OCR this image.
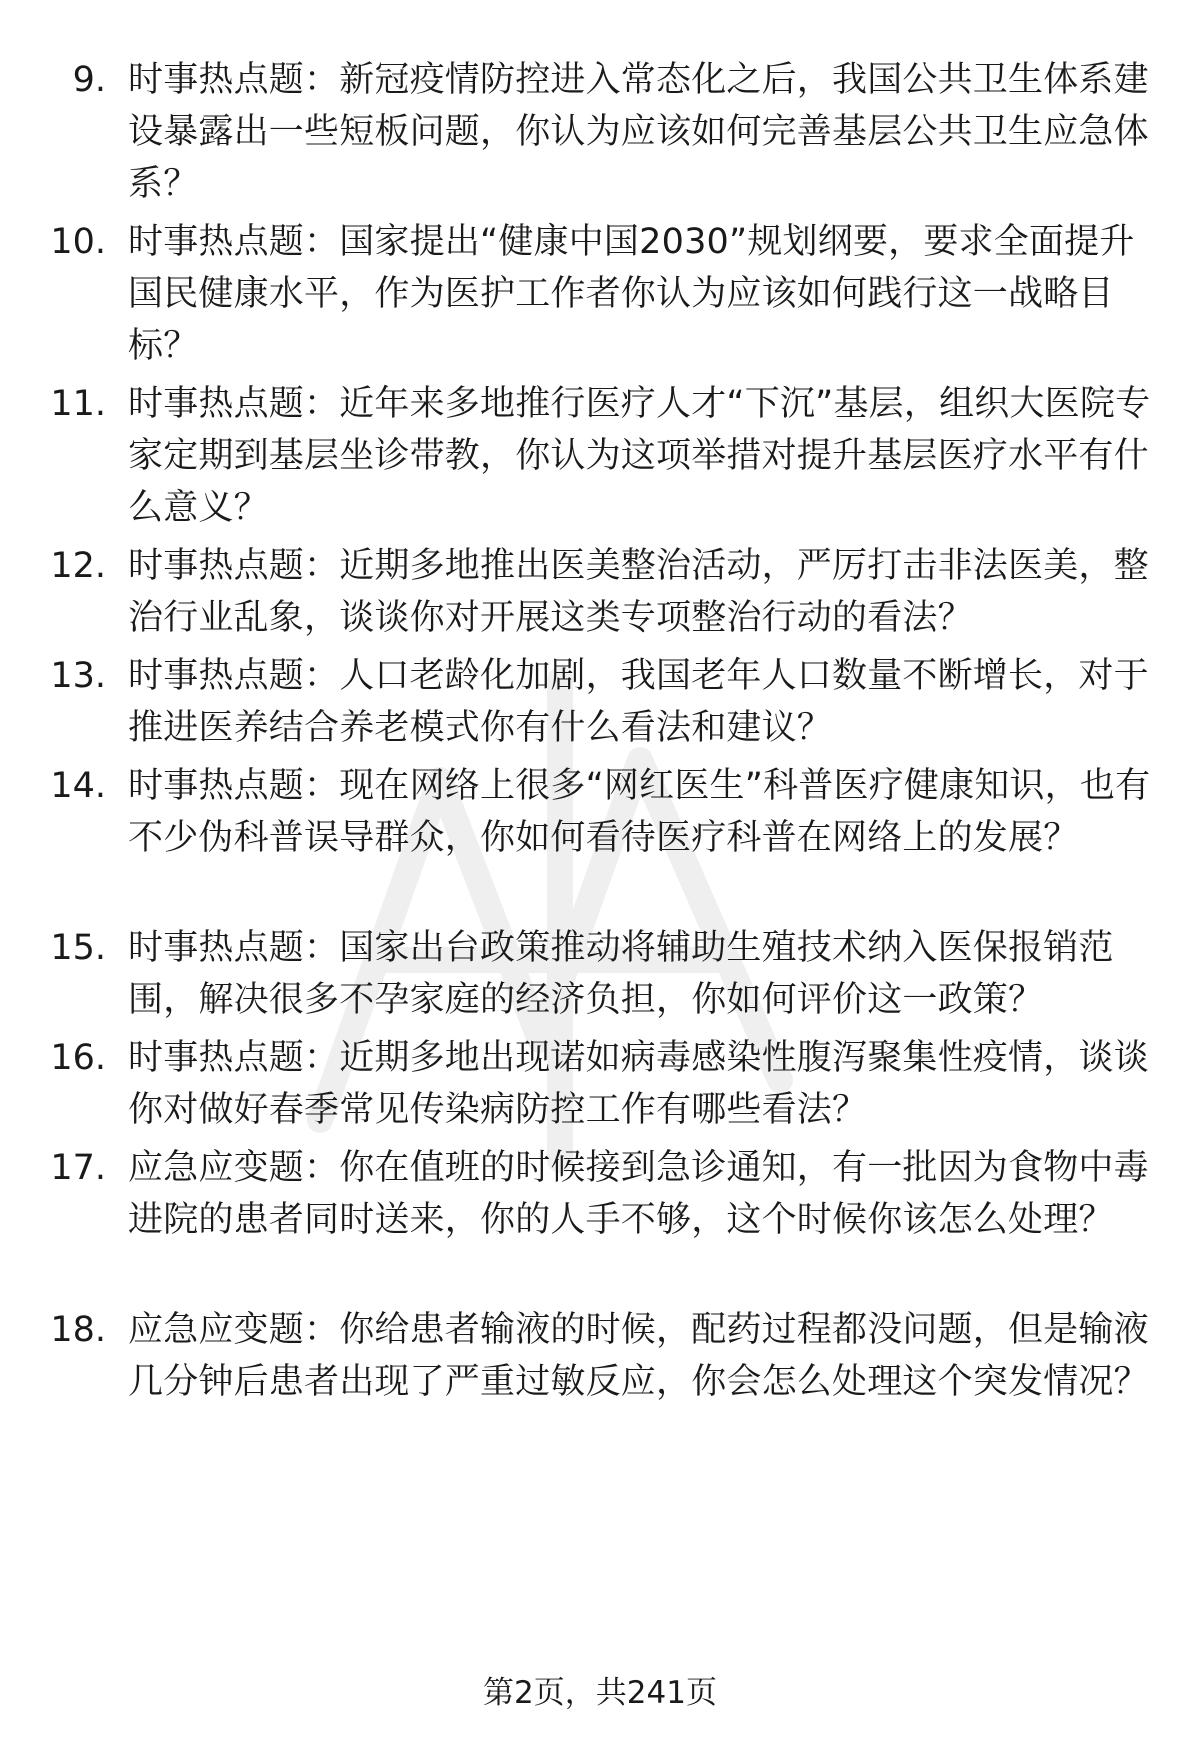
9. 时事热点题：新冠疫情防控进入常态化之后，我国公共卫生体系建设暴露出一些短板问题，你认为应该如何完善基层公共卫生应急体系？
10. 时事热点题：国家提出“健康中国2030”规划纲要，要求全面提升国民健康水平，作为医护工作者你认为应该如何践行这一战略目标？
11. 时事热点题：近年来多地推行医疗人才“下沉”基层，组织大医院专家定期到基层坐诊带教，你认为这项举措对提升基层医疗水平有什么意义？
12. 时事热点题：近期多地推出医美整治活动，严厉打击非法医美，整治行业乱象，谈谈你对开展这类专项整治行动的看法？
13. 时事热点题：人口老龄化加剧，我国老年人口数量不断增长，对于推进医养结合养老模式你有什么看法和建议？
14. 时事热点题：现在网络上很多“网红医生”科普医疗健康知识，也有不少伪科普误导群众，你如何看待医疗科普在网络上的发展？
15. 时事热点题：国家出台政策推动将辅助生殖技术纳入医保报销范围，解决很多不孕家庭的经济负担，你如何评价这一政策？
16. 时事热点题：近期多地出现诺如病毒感染性腹泻聚集性疫情，谈谈你对做好春季常见传染病防控工作有哪些看法？
17. 应急应变题：你在值班的时候接到急诊通知，有一批因为食物中毒进院的患者同时送来，你的人手不够，这个时候你该怎么处理？
18. 应急应变题：你给患者输液的时候，配药过程都没问题，但是输液几分钟后患者出现了严重过敏反应，你会怎么处理这个突发情况？
第2页，共241页
